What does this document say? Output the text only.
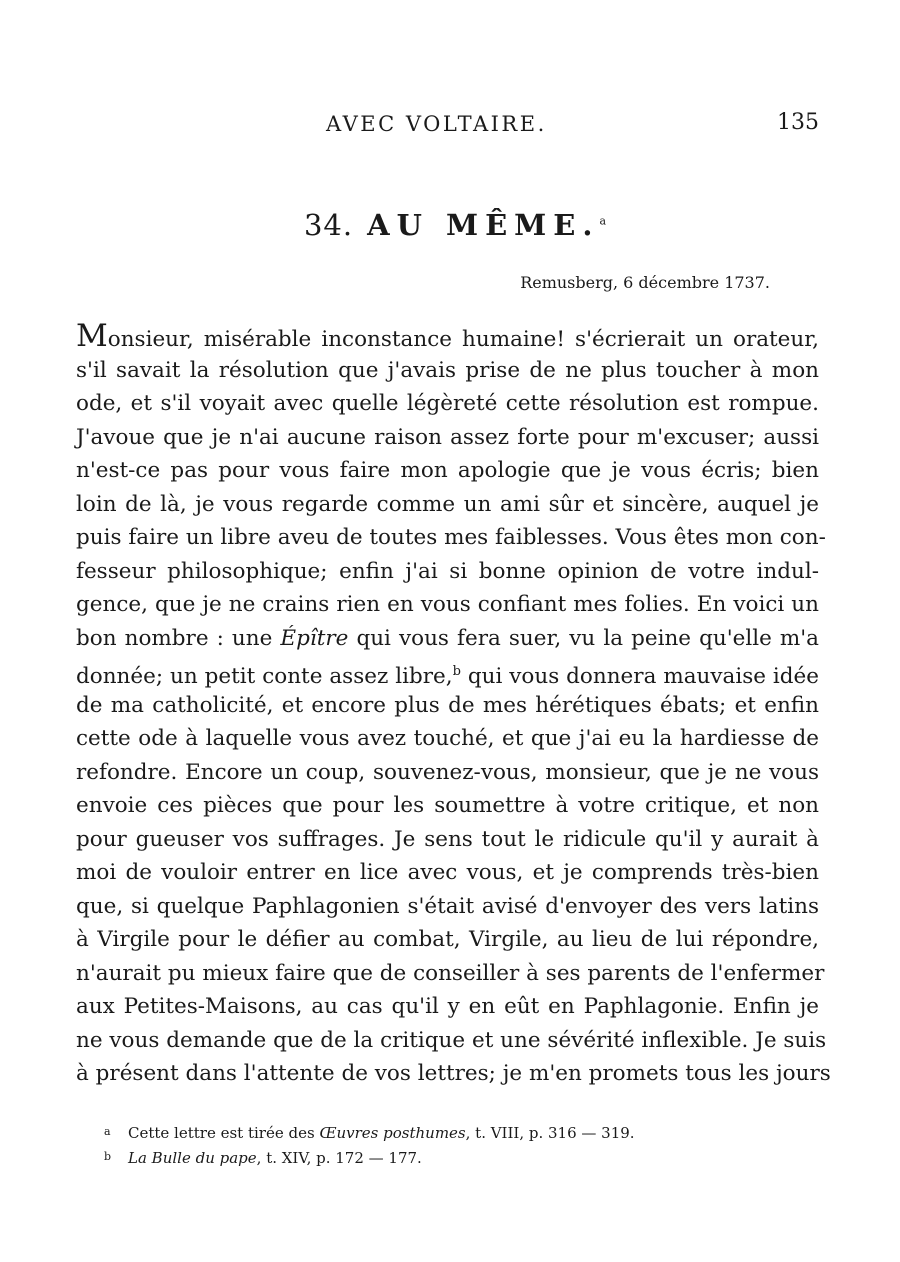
AVEC VOLTAIRE.	135
34. AU MÊME.$^a$
Remusberg, 6 décembre 1737.
Monsieur, misérable inconstance humaine! s'écrierait un orateur,
s'il savait la résolution que j'avais prise de ne plus toucher à mon
ode, et s'il voyait avec quelle légèreté cette résolution est rompue.
J'avoue que je n'ai aucune raison assez forte pour m'excuser; aussi
n'est-ce pas pour vous faire mon apologie que je vous écris; bien
loin de là, je vous regarde comme un ami sûr et sincère, auquel je
puis faire un libre aveu de toutes mes faiblesses. Vous êtes mon con-
fesseur philosophique; enfin j'ai si bonne opinion de votre indul-
gence, que je ne crains rien en vous confiant mes folies. En voici un
bon nombre : une Épître qui vous fera suer, vu la peine qu'elle m'a
donnée; un petit conte assez libre,$^b$ qui vous donnera mauvaise idée
de ma catholicité, et encore plus de mes hérétiques ébats; et enfin
cette ode à laquelle vous avez touché, et que j'ai eu la hardiesse de
refondre. Encore un coup, souvenez-vous, monsieur, que je ne vous
envoie ces pièces que pour les soumettre à votre critique, et non
pour gueuser vos suffrages. Je sens tout le ridicule qu'il y aurait à
moi de vouloir entrer en lice avec vous, et je comprends très-bien
que, si quelque Paphlagonien s'était avisé d'envoyer des vers latins
à Virgile pour le défier au combat, Virgile, au lieu de lui répondre,
n'aurait pu mieux faire que de conseiller à ses parents de l'enfermer
aux Petites-Maisons, au cas qu'il y en eût en Paphlagonie. Enfin je
ne vous demande que de la critique et une sévérité inflexible. Je suis
à présent dans l'attente de vos lettres; je m'en promets tous les jours
a Cette lettre est tirée des Œuvres posthumes, t. VIII, p. 316 — 319.
b La Bulle du pape, t. XIV, p. 172 — 177.
